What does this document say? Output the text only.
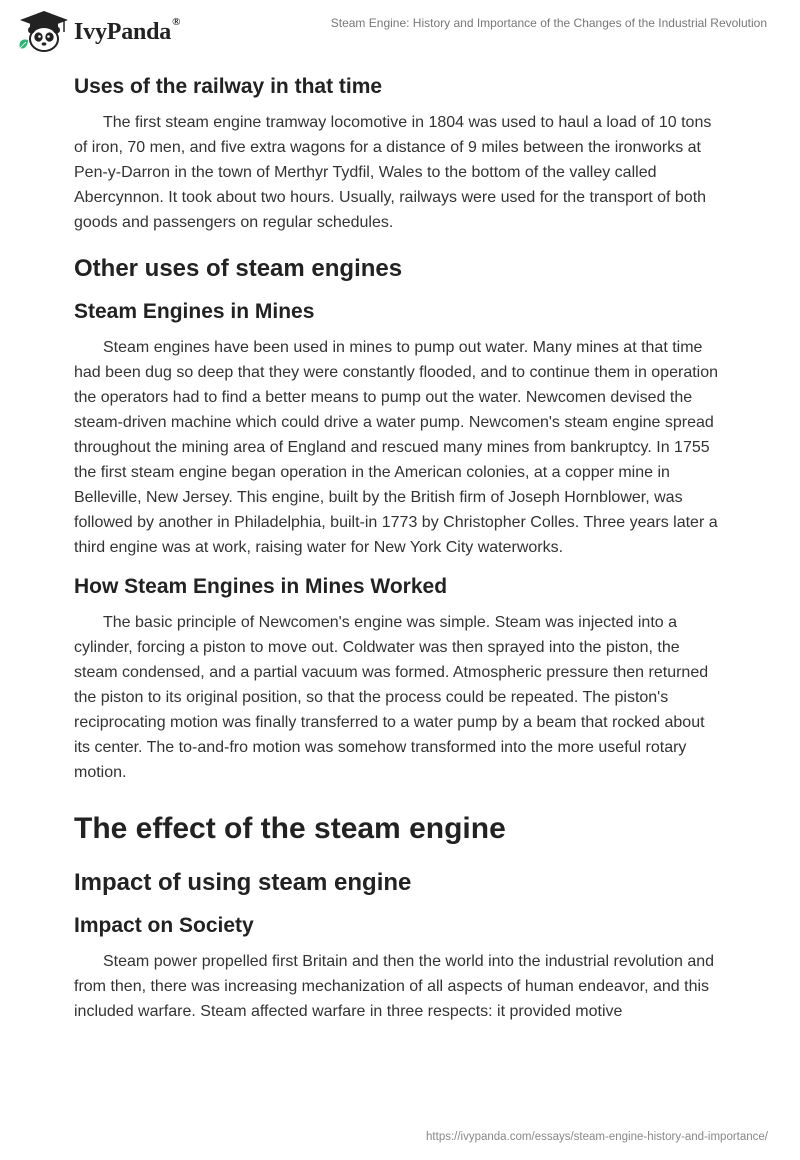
IvyPanda®	Steam Engine: History and Importance of the Changes of the Industrial Revolution
Uses of the railway in that time

The first steam engine tramway locomotive in 1804 was used to haul a load of 10 tons of iron, 70 men, and five extra wagons for a distance of 9 miles between the ironworks at Pen-y-Darron in the town of Merthyr Tydfil, Wales to the bottom of the valley called Abercynnon. It took about two hours. Usually, railways were used for the transport of both goods and passengers on regular schedules.

Other uses of steam engines
Steam Engines in Mines

Steam engines have been used in mines to pump out water. Many mines at that time had been dug so deep that they were constantly flooded, and to continue them in operation the operators had to find a better means to pump out the water. Newcomen devised the steam-driven machine which could drive a water pump. Newcomen's steam engine spread throughout the mining area of England and rescued many mines from bankruptcy. In 1755 the first steam engine began operation in the American colonies, at a copper mine in Belleville, New Jersey. This engine, built by the British firm of Joseph Hornblower, was followed by another in Philadelphia, built-in 1773 by Christopher Colles. Three years later a third engine was at work, raising water for New York City waterworks.

How Steam Engines in Mines Worked

The basic principle of Newcomen's engine was simple. Steam was injected into a cylinder, forcing a piston to move out. Coldwater was then sprayed into the piston, the steam condensed, and a partial vacuum was formed. Atmospheric pressure then returned the piston to its original position, so that the process could be repeated. The piston's reciprocating motion was finally transferred to a water pump by a beam that rocked about its center. The to-and-fro motion was somehow transformed into the more useful rotary motion.

The effect of the steam engine
Impact of using steam engine
Impact on Society

Steam power propelled first Britain and then the world into the industrial revolution and from then, there was increasing mechanization of all aspects of human endeavor, and this included warfare. Steam affected warfare in three respects: it provided motive

https://ivypanda.com/essays/steam-engine-history-and-importance/
